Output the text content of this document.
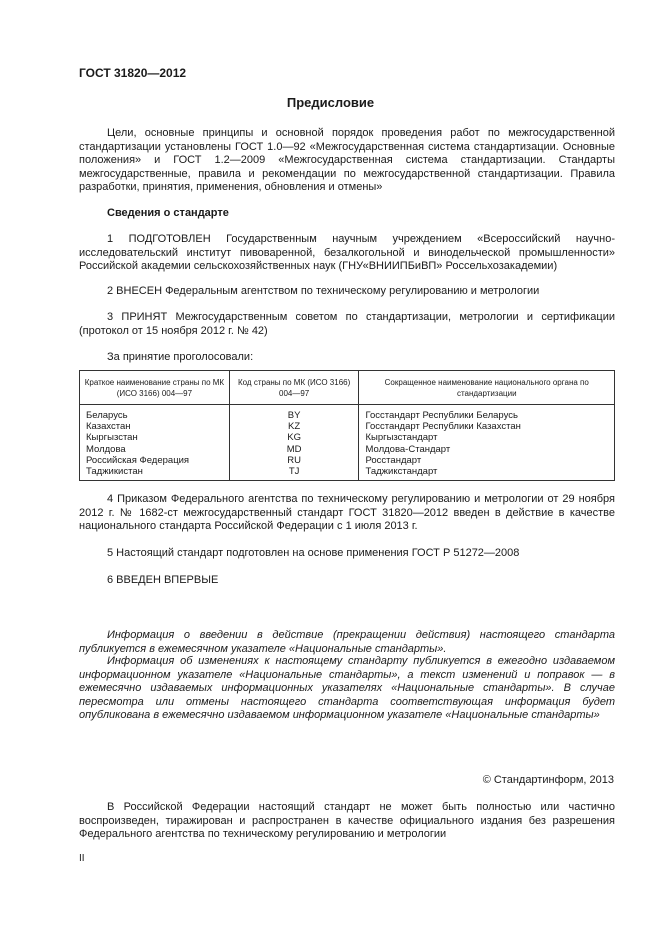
ГОСТ 31820—2012
Предисловие
Цели, основные принципы и основной порядок проведения работ по межгосударственной стандартизации установлены ГОСТ 1.0—92 «Межгосударственная система стандартизации. Основные положения» и ГОСТ 1.2—2009 «Межгосударственная система стандартизации. Стандарты межгосударственные, правила и рекомендации по межгосударственной стандартизации. Правила разработки, принятия, применения, обновления и отмены»
Сведения о стандарте
1 ПОДГОТОВЛЕН Государственным научным учреждением «Всероссийский научно-исследовательский институт пивоваренной, безалкогольной и винодельческой промышленности» Российской академии сельскохозяйственных наук (ГНУ«ВНИИПБиВП» Россельхозакадемии)
2 ВНЕСЕН Федеральным агентством по техническому регулированию и метрологии
3 ПРИНЯТ Межгосударственным советом по стандартизации, метрологии и сертификации (протокол от 15 ноября 2012 г. № 42)
За принятие проголосовали:
Краткое наименование страны по МК (ИСО 3166) 004—97	Код страны по МК (ИСО 3166) 004—97	Сокращенное наименование национального органа по стандартизации
Беларусь	BY	Госстандарт Республики Беларусь
Казахстан	KZ	Госстандарт Республики Казахстан
Кыргызстан	KG	Кыргызстандарт
Молдова	MD	Молдова-Стандарт
Российская Федерация	RU	Росстандарт
Таджикистан	TJ	Таджикстандарт
4 Приказом Федерального агентства по техническому регулированию и метрологии от 29 ноября 2012 г. № 1682-ст межгосударственный стандарт ГОСТ 31820—2012 введен в действие в качестве национального стандарта Российской Федерации с 1 июля 2013 г.
5 Настоящий стандарт подготовлен на основе применения ГОСТ Р 51272—2008
6 ВВЕДЕН ВПЕРВЫЕ
Информация о введении в действие (прекращении действия) настоящего стандарта публикуется в ежемесячном указателе «Национальные стандарты».
Информация об изменениях к настоящему стандарту публикуется в ежегодно издаваемом информационном указателе «Национальные стандарты», а текст изменений и поправок — в ежемесячно издаваемых информационных указателях «Национальные стандарты». В случае пересмотра или отмены настоящего стандарта соответствующая информация будет опубликована в ежемесячно издаваемом информационном указателе «Национальные стандарты»
© Стандартинформ, 2013
В Российской Федерации настоящий стандарт не может быть полностью или частично воспроизведен, тиражирован и распространен в качестве официального издания без разрешения Федерального агентства по техническому регулированию и метрологии
II
